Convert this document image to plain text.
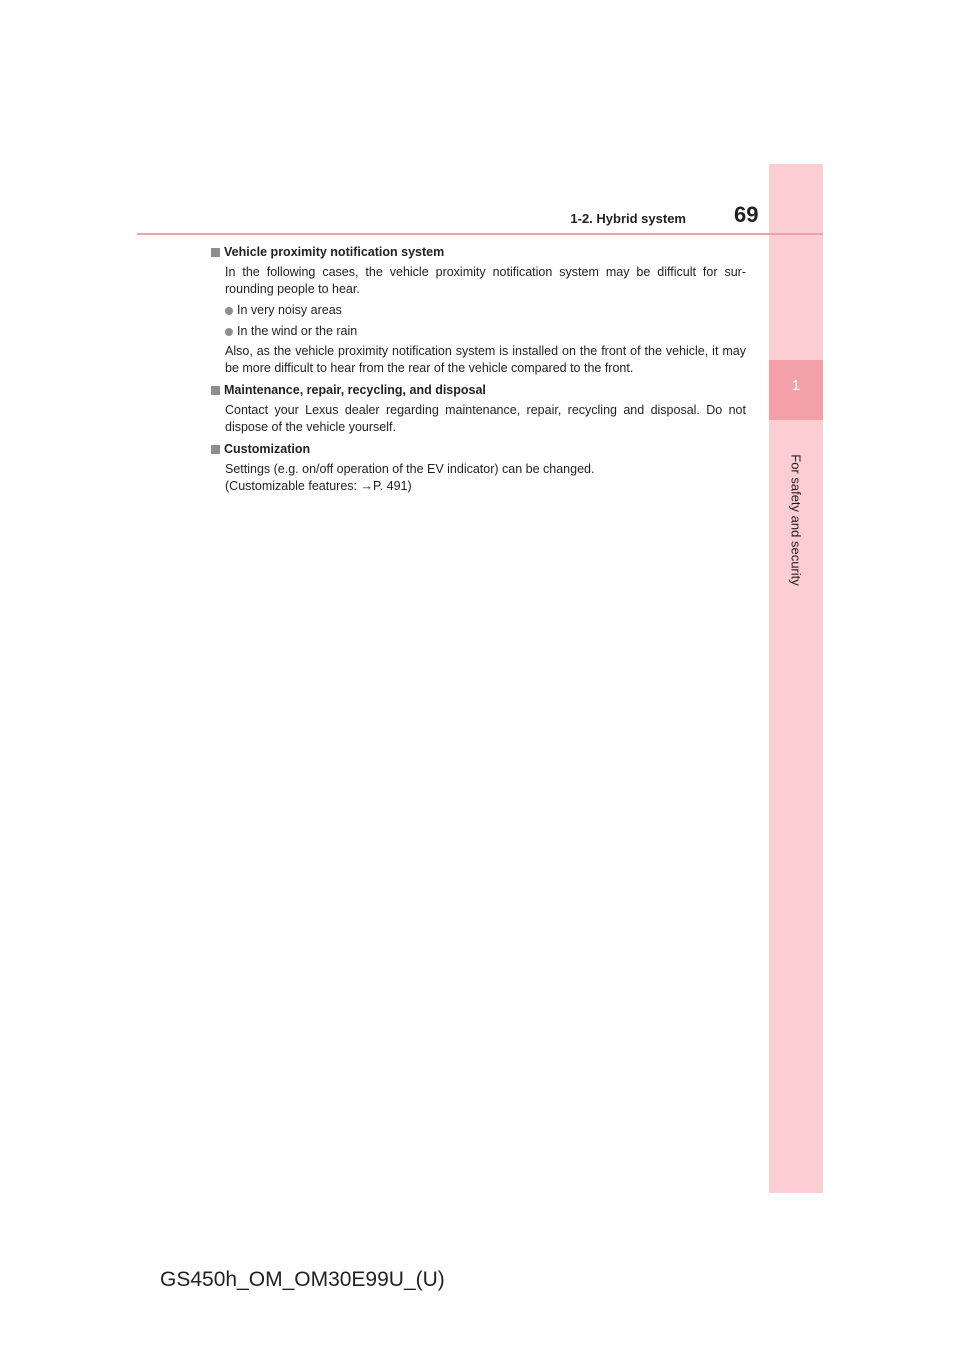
1
For safety and security
1-2. Hybrid system 69
Vehicle proximity notification system
In the following cases, the vehicle proximity notification system may be difficult for sur-rounding people to hear.
In very noisy areas
In the wind or the rain
Also, as the vehicle proximity notification system is installed on the front of the vehicle, it may be more difficult to hear from the rear of the vehicle compared to the front.
Maintenance, repair, recycling, and disposal
Contact your Lexus dealer regarding maintenance, repair, recycling and disposal. Do not dispose of the vehicle yourself.
Customization
Settings (e.g. on/off operation of the EV indicator) can be changed.
(Customizable features: →P. 491)
GS450h_OM_OM30E99U_(U)
